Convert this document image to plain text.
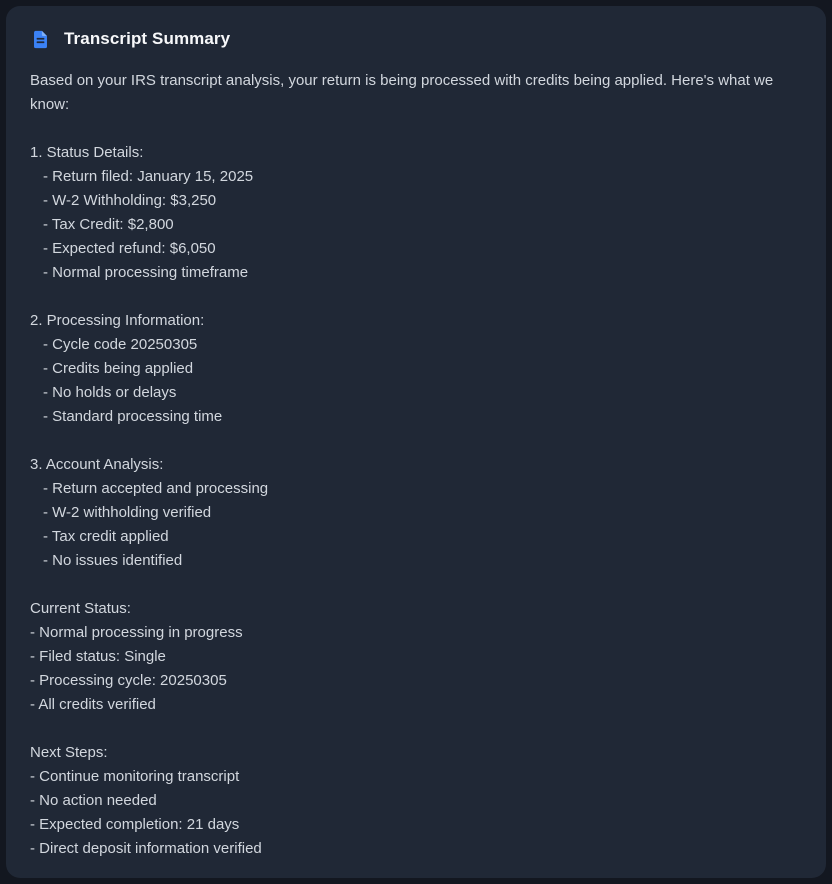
Transcript Summary

Based on your IRS transcript analysis, your return is being processed with credits being applied. Here's what we know:

1. Status Details:
- Return filed: January 15, 2025
- W-2 Withholding: $3,250
- Tax Credit: $2,800
- Expected refund: $6,050
- Normal processing timeframe
2. Processing Information:
- Cycle code 20250305
- Credits being applied
- No holds or delays
- Standard processing time
3. Account Analysis:
- Return accepted and processing
- W-2 withholding verified
- Tax credit applied
- No issues identified
Current Status:
- Normal processing in progress
- Filed status: Single
- Processing cycle: 20250305
- All credits verified
Next Steps:
- Continue monitoring transcript
- No action needed
- Expected completion: 21 days
- Direct deposit information verified
